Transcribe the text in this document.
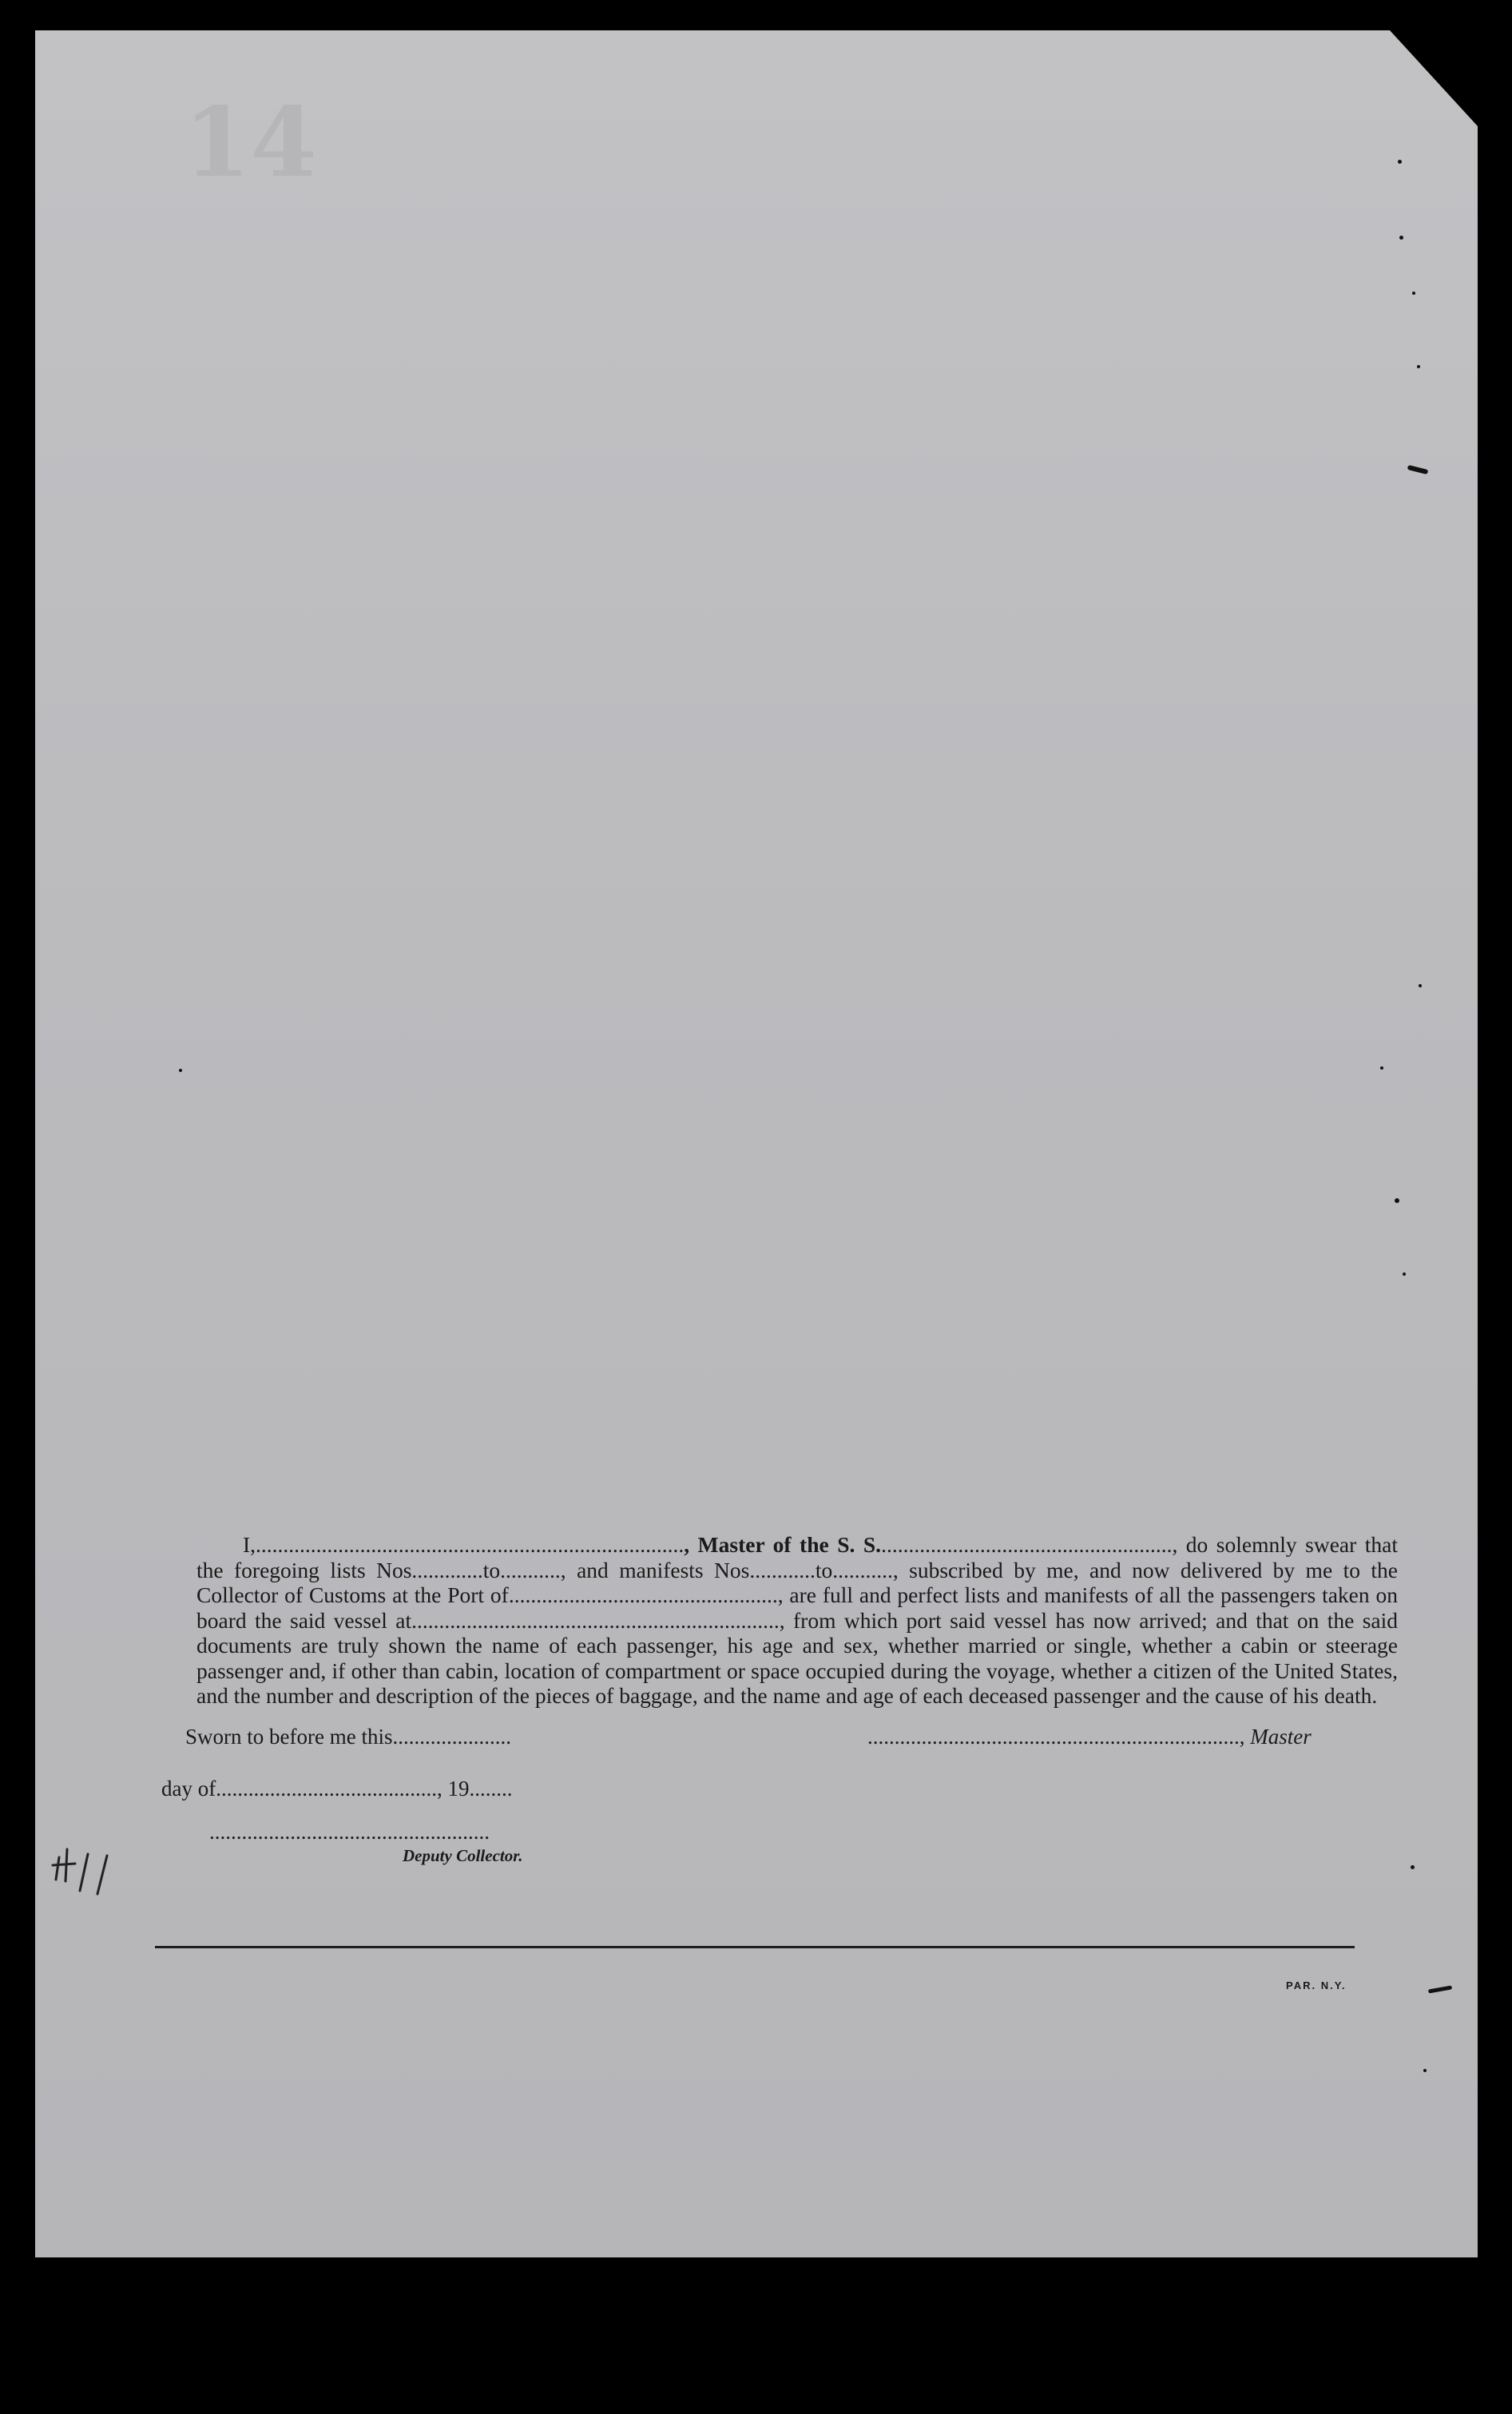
14
I,.............................................................................., Master of the S. S......................................................, do solemnly swear that the foregoing lists Nos.............to..........., and manifests Nos............to..........., subscribed by me, and now delivered by me to the Collector of Customs at the Port of................................................., are full and perfect lists and manifests of all the passengers taken on board the said vessel at..................................................................., from which port said vessel has now arrived; and that on the said documents are truly shown the name of each passenger, his age and sex, whether married or single, whether a cabin or steerage passenger and, if other than cabin, location of compartment or space occupied during the voyage, whether a citizen of the United States, and the number and description of the pieces of baggage, and the name and age of each deceased passenger and the cause of his death.
Sworn to before me this......................	....................................................................., Master
day of........................................., 19........
....................................................
Deputy Collector.
PAR. N.Y.
